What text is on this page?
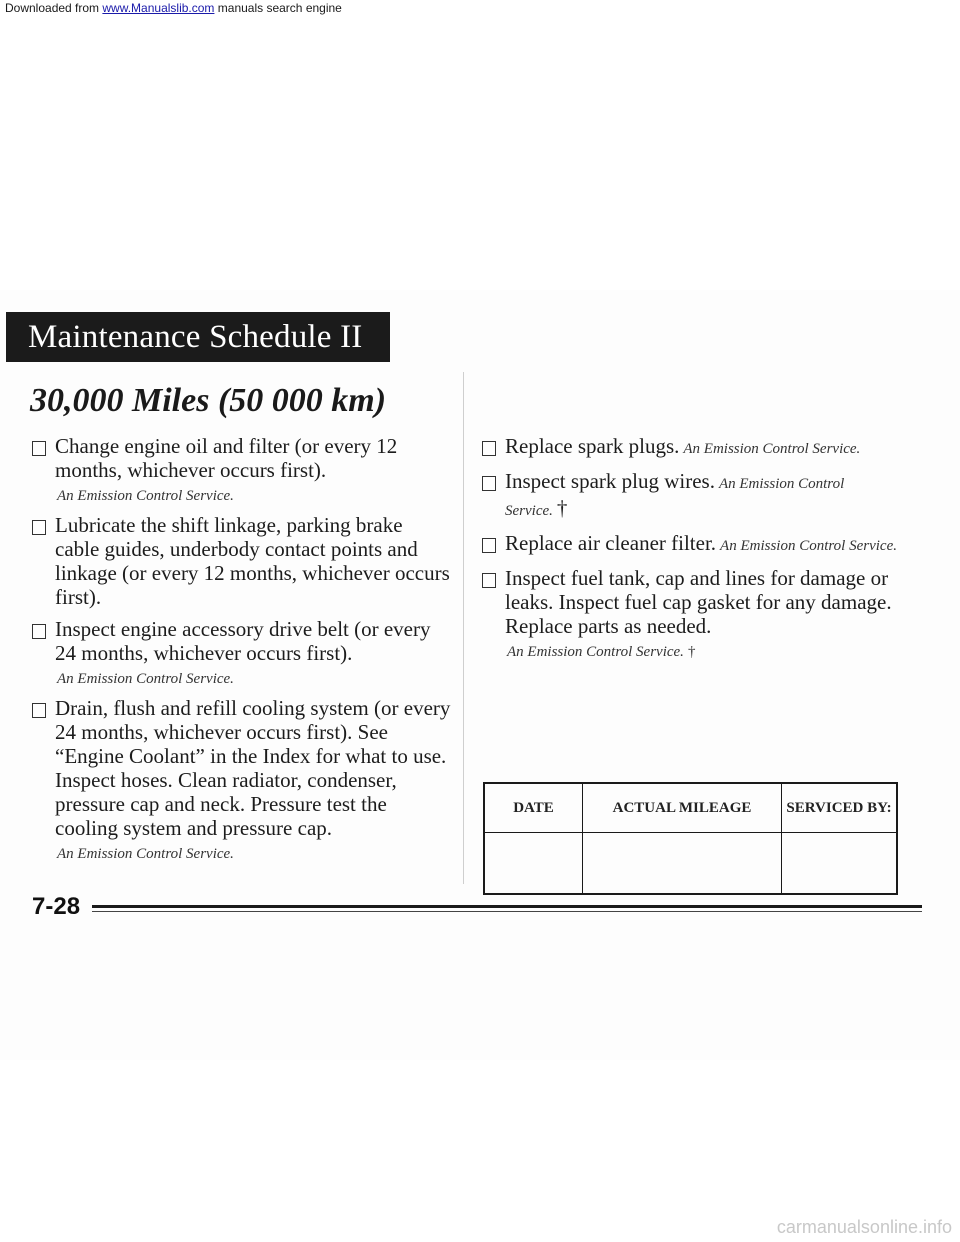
Downloaded from www.Manualslib.com manuals search engine
Maintenance Schedule II
30,000 Miles (50 000 km)
Change engine oil and filter (or every 12 months, whichever occurs first).
An Emission Control Service.
Lubricate the shift linkage, parking brake cable guides, underbody contact points and linkage (or every 12 months, whichever occurs first).
Inspect engine accessory drive belt (or every 24 months, whichever occurs first).
An Emission Control Service.
Drain, flush and refill cooling system (or every 24 months, whichever occurs first). See “Engine Coolant” in the Index for what to use. Inspect hoses. Clean radiator, condenser, pressure cap and neck. Pressure test the cooling system and pressure cap.
An Emission Control Service.
Replace spark plugs. An Emission Control Service.
Inspect spark plug wires. An Emission Control Service. †
Replace air cleaner filter. An Emission Control Service.
Inspect fuel tank, cap and lines for damage or leaks. Inspect fuel cap gasket for any damage. Replace parts as needed.
An Emission Control Service. †
DATE	ACTUAL MILEAGE	SERVICED BY:

7-28
carmanualsonline.info
